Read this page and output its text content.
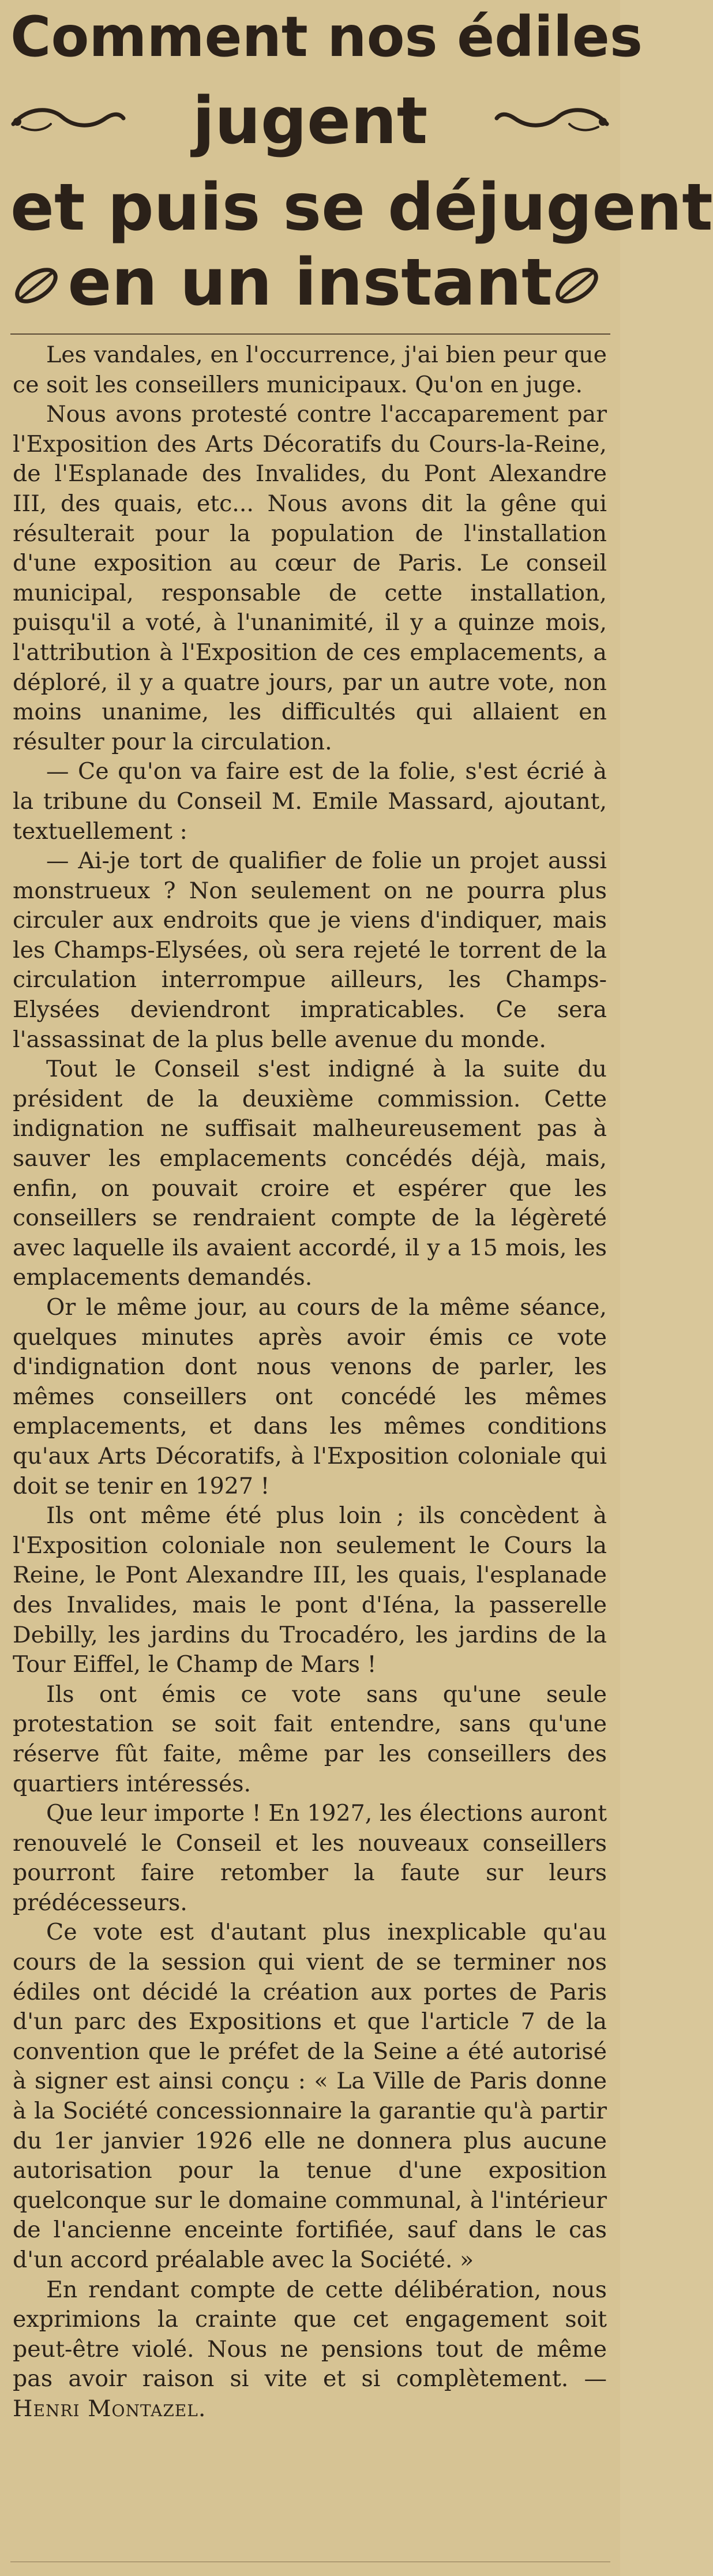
Comment nos édiles
jugent
et puis se déjugent
en un instant

Les vandales, en l'occurrence, j'ai bien peur que ce soit les conseillers municipaux. Qu'on en juge.

Nous avons protesté contre l'accaparement par l'Exposition des Arts Décoratifs du Cours-la-Reine, de l'Esplanade des Invalides, du Pont Alexandre III, des quais, etc... Nous avons dit la gêne qui résulterait pour la population de l'installation d'une exposition au cœur de Paris. Le conseil municipal, responsable de cette installation, puisqu'il a voté, à l'unanimité, il y a quinze mois, l'attribution à l'Exposition de ces emplacements, a déploré, il y a quatre jours, par un autre vote, non moins unanime, les difficultés qui allaient en résulter pour la circulation.

— Ce qu'on va faire est de la folie, s'est écrié à la tribune du Conseil M. Emile Massard, ajoutant, textuellement :

— Ai-je tort de qualifier de folie un projet aussi monstrueux ? Non seulement on ne pourra plus circuler aux endroits que je viens d'indiquer, mais les Champs-Elysées, où sera rejeté le torrent de la circulation interrompue ailleurs, les Champs-Elysées deviendront impraticables. Ce sera l'assassinat de la plus belle avenue du monde.

Tout le Conseil s'est indigné à la suite du président de la deuxième commission. Cette indignation ne suffisait malheureusement pas à sauver les emplacements concédés déjà, mais, enfin, on pouvait croire et espérer que les conseillers se rendraient compte de la légèreté avec laquelle ils avaient accordé, il y a 15 mois, les emplacements demandés.

Or le même jour, au cours de la même séance, quelques minutes après avoir émis ce vote d'indignation dont nous venons de parler, les mêmes conseillers ont concédé les mêmes emplacements, et dans les mêmes conditions qu'aux Arts Décoratifs, à l'Exposition coloniale qui doit se tenir en 1927 !

Ils ont même été plus loin ; ils concèdent à l'Exposition coloniale non seulement le Cours la Reine, le Pont Alexandre III, les quais, l'esplanade des Invalides, mais le pont d'Iéna, la passerelle Debilly, les jardins du Trocadéro, les jardins de la Tour Eiffel, le Champ de Mars !

Ils ont émis ce vote sans qu'une seule protestation se soit fait entendre, sans qu'une réserve fût faite, même par les conseillers des quartiers intéressés.

Que leur importe ! En 1927, les élections auront renouvelé le Conseil et les nouveaux conseillers pourront faire retomber la faute sur leurs prédécesseurs.

Ce vote est d'autant plus inexplicable qu'au cours de la session qui vient de se terminer nos édiles ont décidé la création aux portes de Paris d'un parc des Expositions et que l'article 7 de la convention que le préfet de la Seine a été autorisé à signer est ainsi conçu : « La Ville de Paris donne à la Société concessionnaire la garantie qu'à partir du 1er janvier 1926 elle ne donnera plus aucune autorisation pour la tenue d'une exposition quelconque sur le domaine communal, à l'intérieur de l'ancienne enceinte fortifiée, sauf dans le cas d'un accord préalable avec la Société. »

En rendant compte de cette délibération, nous exprimions la crainte que cet engagement soit peut-être violé. Nous ne pensions tout de même pas avoir raison si vite et si complètement. — Henri Montazel.
